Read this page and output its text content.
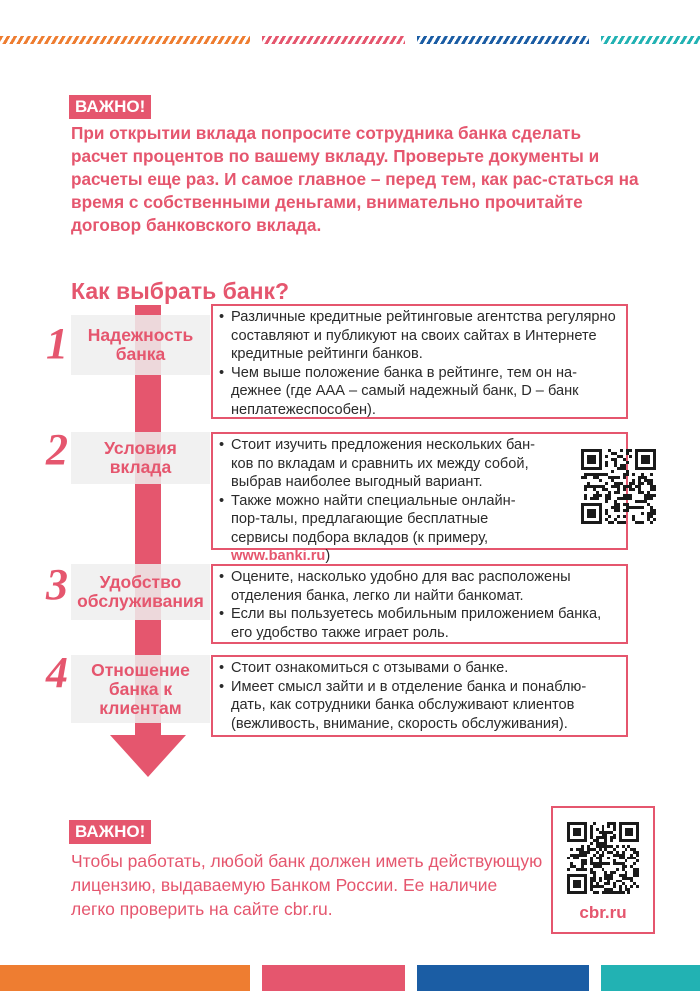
ВАЖНО!
При открытии вклада попросите сотрудника банка сделать расчет процентов по вашему вкладу. Проверьте документы и расчеты еще раз. И самое главное – перед тем, как рас-статься на время с собственными деньгами, внимательно прочитайте договор банковского вклада.
Как выбрать банк?
1	Надежность банка
• Различные кредитные рейтинговые агентства регулярно составляют и публикуют на своих сайтах в Интернете кредитные рейтинги банков.
• Чем выше положение банка в рейтинге, тем он на-дежнее (где ААА – самый надежный банк, D – банк неплатежеспособен).
2	Условия вклада
• Стоит изучить предложения нескольких бан-ков по вкладам и сравнить их между собой, выбрав наиболее выгодный вариант.
• Также можно найти специальные онлайн-пор-талы, предлагающие бесплатные сервисы подбора вкладов (к примеру, www.banki.ru)
3	Удобство обслуживания
• Оцените, насколько удобно для вас расположены отделения банка, легко ли найти банкомат.
• Если вы пользуетесь мобильным приложением банка, его удобство также играет роль.
4	Отношение банка к клиентам
• Стоит ознакомиться с отзывами о банке.
• Имеет смысл зайти и в отделение банка и понаблю-дать, как сотрудники банка обслуживают клиентов (вежливость, внимание, скорость обслуживания).
ВАЖНО!
Чтобы работать, любой банк должен иметь действующую лицензию, выдаваемую Банком России. Ее наличие легко проверить на сайте cbr.ru.	cbr.ru
